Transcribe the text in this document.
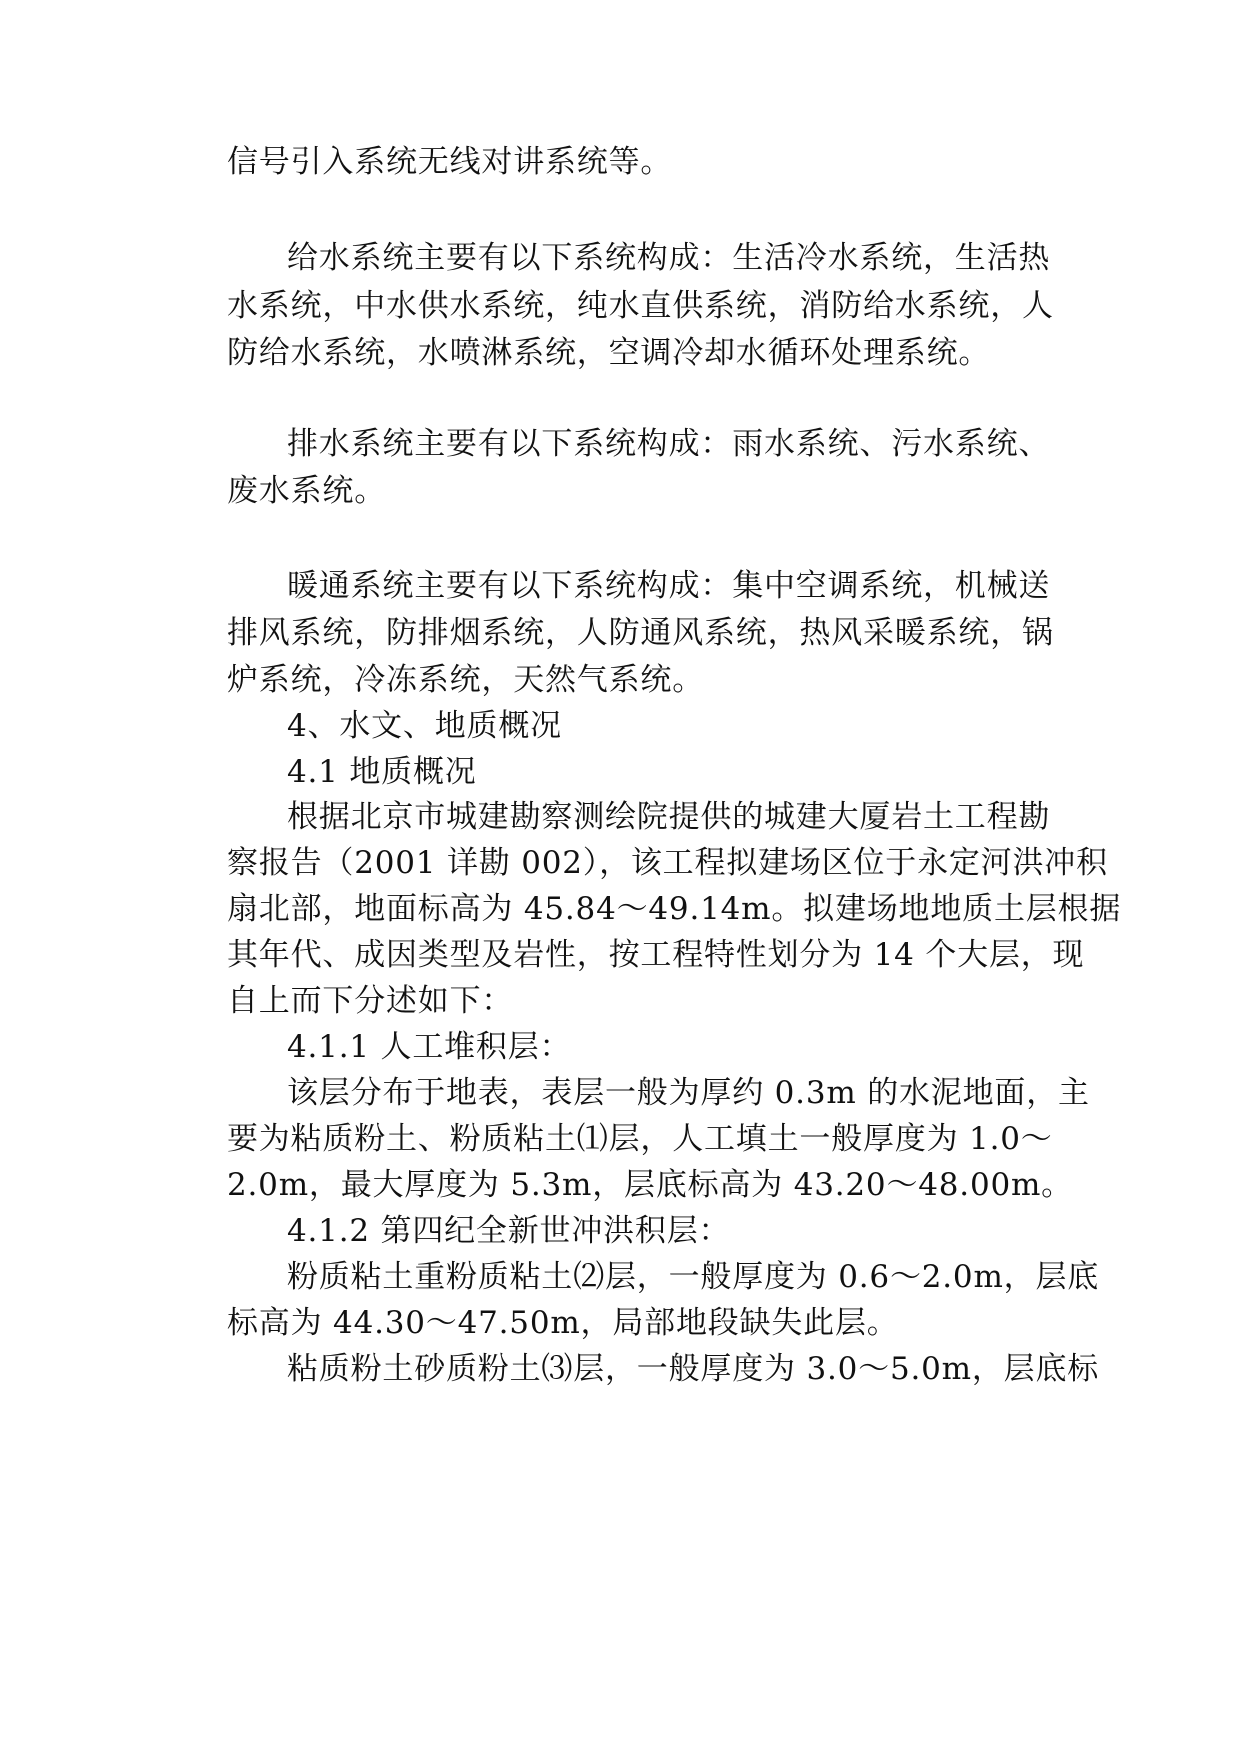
信号引入系统无线对讲系统等。
给水系统主要有以下系统构成：生活冷水系统，生活热
水系统，中水供水系统，纯水直供系统，消防给水系统，人
防给水系统，水喷淋系统，空调冷却水循环处理系统。
排水系统主要有以下系统构成：雨水系统、污水系统、
废水系统。
暖通系统主要有以下系统构成：集中空调系统，机械送
排风系统，防排烟系统，人防通风系统，热风采暖系统，锅
炉系统，冷冻系统，天然气系统。
4、水文、地质概况
4.1 地质概况
根据北京市城建勘察测绘院提供的城建大厦岩土工程勘
察报告（2001 详勘 002），该工程拟建场区位于永定河洪冲积
扇北部，地面标高为 45.84～49.14m。拟建场地地质土层根据
其年代、成因类型及岩性，按工程特性划分为 14 个大层，现
自上而下分述如下：
4.1.1 人工堆积层：
该层分布于地表，表层一般为厚约 0.3m 的水泥地面，主
要为粘质粉土、粉质粘土⑴层，人工填土一般厚度为 1.0～
2.0m，最大厚度为 5.3m，层底标高为 43.20～48.00m。
4.1.2 第四纪全新世冲洪积层：
粉质粘土重粉质粘土⑵层，一般厚度为 0.6～2.0m，层底
标高为 44.30～47.50m，局部地段缺失此层。
粘质粉土砂质粉土⑶层，一般厚度为 3.0～5.0m，层底标
